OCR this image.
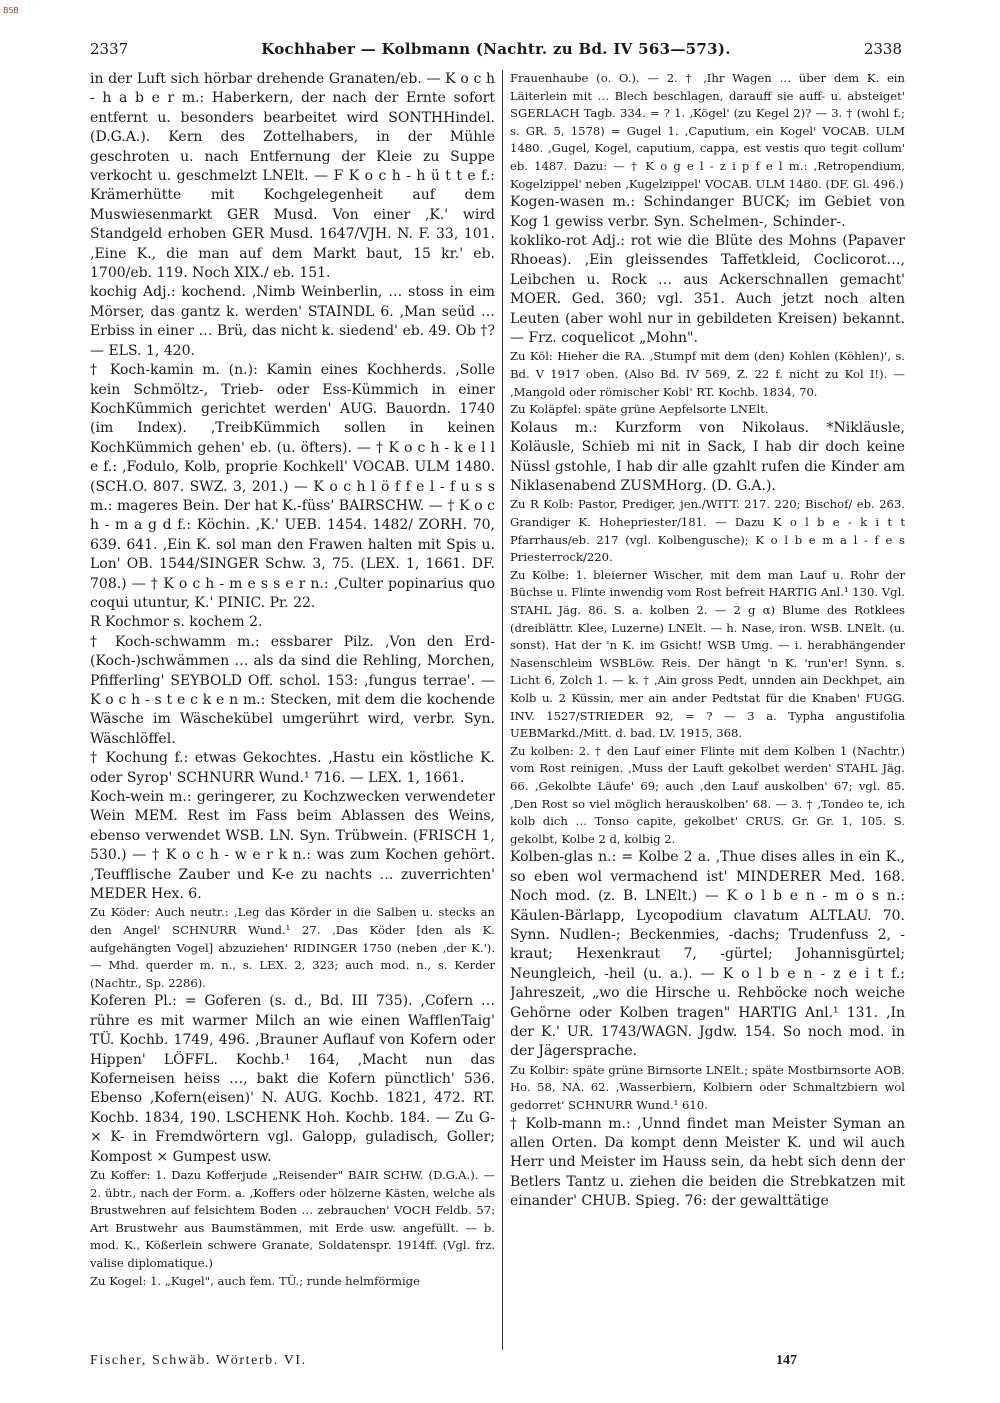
BSB
2337	Kochhaber — Kolbmann (Nachtr. zu Bd. IV 563—573).	2338
in der Luft sich hörbar drehende Granaten/eb. — K o c h - h a b e r m.: Haberkern, der nach der Ernte sofort entfernt u. besonders bearbeitet wird SONTHHindel. (D.G.A.). Kern des Zottelhabers, in der Mühle geschroten u. nach Entfernung der Kleie zu Suppe verkocht u. geschmelzt LNElt. — F K o c h - h ü t t e f.: Krämerhütte mit Kochgelegenheit auf dem Muswiesenmarkt GER Musd. Von einer ‚K.' wird Standgeld erhoben GER Musd. 1647/VJH. N. F. 33, 101. ‚Eine K., die man auf dem Markt baut, 15 kr.' eb. 1700/eb. 119. Noch XIX./ eb. 151.
kochig Adj.: kochend. ‚Nimb Weinberlin, … stoss in eim Mörser, das gantz k. werden' STAINDL 6. ‚Man seüd … Erbiss in einer … Brü, das nicht k. siedend' eb. 49. Ob †? — ELS. 1, 420.
† Koch-kamin m. (n.): Kamin eines Kochherds. ‚Solle kein Schmöltz-, Trieb- oder Ess-Kümmich in einer KochKümmich gerichtet werden' AUG. Bauordn. 1740 (im Index). ‚TreibKümmich sollen in keinen KochKümmich gehen' eb. (u. öfters). — † K o c h - k e l l e f.: ‚Fodulo, Kolb, proprie Kochkell' VOCAB. ULM 1480. (SCH.O. 807. SWZ. 3, 201.) — K o c h l ö f f e l - f u s s m.: mageres Bein. Der hat K.-füss' BAIRSCHW. — † K o c h - m a g d f.: Köchin. ‚K.' UEB. 1454. 1482/ ZORH. 70, 639. 641. ‚Ein K. sol man den Frawen halten mit Spis u. Lon' OB. 1544/SINGER Schw. 3, 75. (LEX. 1, 1661. DF. 708.) — † K o c h - m e s s e r n.: ‚Culter popinarius quo coqui utuntur, K.' PINIC. Pr. 22.
R Kochmor s. kochem 2.
† Koch-schwamm m.: essbarer Pilz. ‚Von den Erd-(Koch-)schwämmen … als da sind die Rehling, Morchen, Pfifferling' SEYBOLD Off. schol. 153: ‚fungus terrae'. — K o c h - s t e c k e n m.: Stecken, mit dem die kochende Wäsche im Wäschekübel umgerührt wird, verbr. Syn. Wäschlöffel.
† Kochung f.: etwas Gekochtes. ‚Hastu ein köstliche K. oder Syrop' SCHNURR Wund.¹ 716. — LEX. 1, 1661.
Koch-wein m.: geringerer, zu Kochzwecken verwendeter Wein MEM. Rest im Fass beim Ablassen des Weins, ebenso verwendet WSB. LN. Syn. Trübwein. (FRISCH 1, 530.) — † K o c h - w e r k n.: was zum Kochen gehört. ‚Teufflische Zauber und K-e zu nachts … zuverrichten' MEDER Hex. 6.
Zu Köder: Auch neutr.: ‚Leg das Körder in die Salben u. stecks an den Angel' SCHNURR Wund.¹ 27. ‚Das Köder [den als K. aufgehängten Vogel] abzuziehen' RIDINGER 1750 (neben ‚der K.'). — Mhd. querder m. n., s. LEX. 2, 323; auch mod. n., s. Kerder (Nachtr., Sp. 2286).
Koferen Pl.: = Goferen (s. d., Bd. III 735). ‚Cofern … rühre es mit warmer Milch an wie einen WafflenTaig' TÜ. Kochb. 1749, 496. ‚Brauner Auflauf von Kofern oder Hippen' LÖFFL. Kochb.¹ 164, ‚Macht nun das Koferneisen heiss …, bakt die Kofern pünctlich' 536. Ebenso ‚Kofern(eisen)' N. AUG. Kochb. 1821, 472. RT. Kochb. 1834, 190. LSCHENK Hoh. Kochb. 184. — Zu G- × K- in Fremdwörtern vgl. Galopp, guladisch, Goller; Kompost × Gumpest usw.
Zu Koffer: 1. Dazu Kofferjude „Reisender" BAIR SCHW. (D.G.A.). — 2. übtr., nach der Form. a. ‚Koffers oder hölzerne Kästen, welche als Brustwehren auf felsichtem Boden … zebrauchen' VOCH Feldb. 57: Art Brustwehr aus Baumstämmen, mit Erde usw. angefüllt. — b. mod. K., Kößerlein schwere Granate, Soldatenspr. 1914ff. (Vgl. frz. valise diplomatique.)
Zu Kogel: 1. „Kugel", auch fem. TÜ.; runde helmförmige
Frauenhaube (o. O.). — 2. † ‚Ihr Wagen … über dem K. ein Läiterlein mit … Blech beschlagen, darauff sie auff- u. absteiget' SGERLACH Tagb. 334. = ? 1. ‚Kögel' (zu Kegel 2)? — 3. † (wohl f.; s. GR. 5, 1578) = Gugel 1. ‚Caputium, ein Kogel' VOCAB. ULM 1480. ‚Gugel, Kogel, caputium, cappa, est vestis quo tegit collum' eb. 1487. Dazu: — † K o g e l - z i p f e l m.: ‚Retropendium, Kogelzippel' neben ‚Kugelzippel' VOCAB. ULM 1480. (DF. Gl. 496.)
Kogen-wasen m.: Schindanger BUCK; im Gebiet von Kog 1 gewiss verbr. Syn. Schelmen-, Schinder-.
kokliko-rot Adj.: rot wie die Blüte des Mohns (Papaver Rhoeas). ‚Ein gleissendes Taffetkleid, Coclicorot…, Leibchen u. Rock … aus Ackerschnallen gemacht' MOER. Ged. 360; vgl. 351. Auch jetzt noch alten Leuten (aber wohl nur in gebildeten Kreisen) bekannt. — Frz. coquelicot „Mohn".
Zu Köl: Hieher die RA. ‚Stumpf mit dem (den) Kohlen (Köhlen)', s. Bd. V 1917 oben. (Also Bd. IV 569, Z. 22 f. nicht zu Kol I!). — ‚Mangold oder römischer Kobl' RT. Kochb. 1834, 70.
Zu Koläpfel: späte grüne Aepfelsorte LNElt.
Kolaus m.: Kurzform von Nikolaus. *Nikläusle, Koläusle, Schieb mi nit in Sack, I hab dir doch keine Nüssl gstohle, I hab dir alle gzahlt rufen die Kinder am Niklasenabend ZUSMHorg. (D. G.A.).
Zu R Kolb: Pastor, Prediger, jen./WITT. 217. 220; Bischof/ eb. 263. Grandiger K. Hohepriester/181. — Dazu K o l b e - k i t t Pfarrhaus/eb. 217 (vgl. Kolbengusche); K o l b e m a l - f e s Priesterrock/220.
Zu Kolbe: 1. bleierner Wischer, mit dem man Lauf u. Rohr der Büchse u. Flinte inwendig vom Rost befreit HARTIG Anl.¹ 130. Vgl. STAHL Jäg. 86. S. a. kolben 2. — 2 g α) Blume des Rotklees (dreiblättr. Klee, Luzerne) LNElt. — h. Nase, iron. WSB. LNElt. (u. sonst). Hat der 'n K. im Gsicht! WSB Umg. — i. herabhängender Nasenschleim WSBLöw. Reis. Der hängt 'n K. 'run'er! Synn. s. Licht 6, Zolch 1. — k. † ‚Ain gross Pedt, unnden ain Deckhpet, ain Kolb u. 2 Küssin, mer ain ander Pedtstat für die Knaben' FUGG. INV. 1527/STRIEDER 92, = ? — 3 a. Typha angustifolia UEBMarkd./Mitt. d. bad. LV. 1915, 368.
Zu kolben: 2. † den Lauf einer Flinte mit dem Kolben 1 (Nachtr.) vom Rost reinigen. ‚Muss der Lauft gekolbet werden' STAHL Jäg. 66. ‚Gekolbte Läufe' 69; auch ‚den Lauf auskolben' 67; vgl. 85. ‚Den Rost so viel möglich herauskolben' 68. — 3. † ‚Tondeo te, ich kolb dich … Tonso capite, gekolbet' CRUS. Gr. Gr. 1, 105. S. gekolbt, Kolbe 2 d, kolbig 2.
Kolben-glas n.: = Kolbe 2 a. ‚Thue dises alles in ein K., so eben wol vermachend ist' MINDERER Med. 168. Noch mod. (z. B. LNElt.) — K o l b e n - m o s n.: Käulen-Bärlapp, Lycopodium clavatum ALTLAU. 70. Synn. Nudlen-; Beckenmies, -dachs; Trudenfuss 2, -kraut; Hexenkraut 7, -gürtel; Johannisgürtel; Neungleich, -heil (u. a.). — K o l b e n - z e i t f.: Jahreszeit, „wo die Hirsche u. Rehböcke noch weiche Gehörne oder Kolben tragen" HARTIG Anl.¹ 131. ‚In der K.' UR. 1743/WAGN. Jgdw. 154. So noch mod. in der Jägersprache.
Zu Kolbir: späte grüne Birnsorte LNElt.; späte Mostbirnsorte AOB. Ho. 58, NA. 62. ‚Wasserbiern, Kolbiern oder Schmaltzbiern wol gedorret' SCHNURR Wund.¹ 610.
† Kolb-mann m.: ‚Unnd findet man Meister Syman an allen Orten. Da kompt denn Meister K. und wil auch Herr und Meister im Hauss sein, da hebt sich denn der Betlers Tantz u. ziehen die beiden die Strebkatzen mit einander' CHUB. Spieg. 76: der gewalttätige
Fischer, Schwäb. Wörterb. VI.	147
